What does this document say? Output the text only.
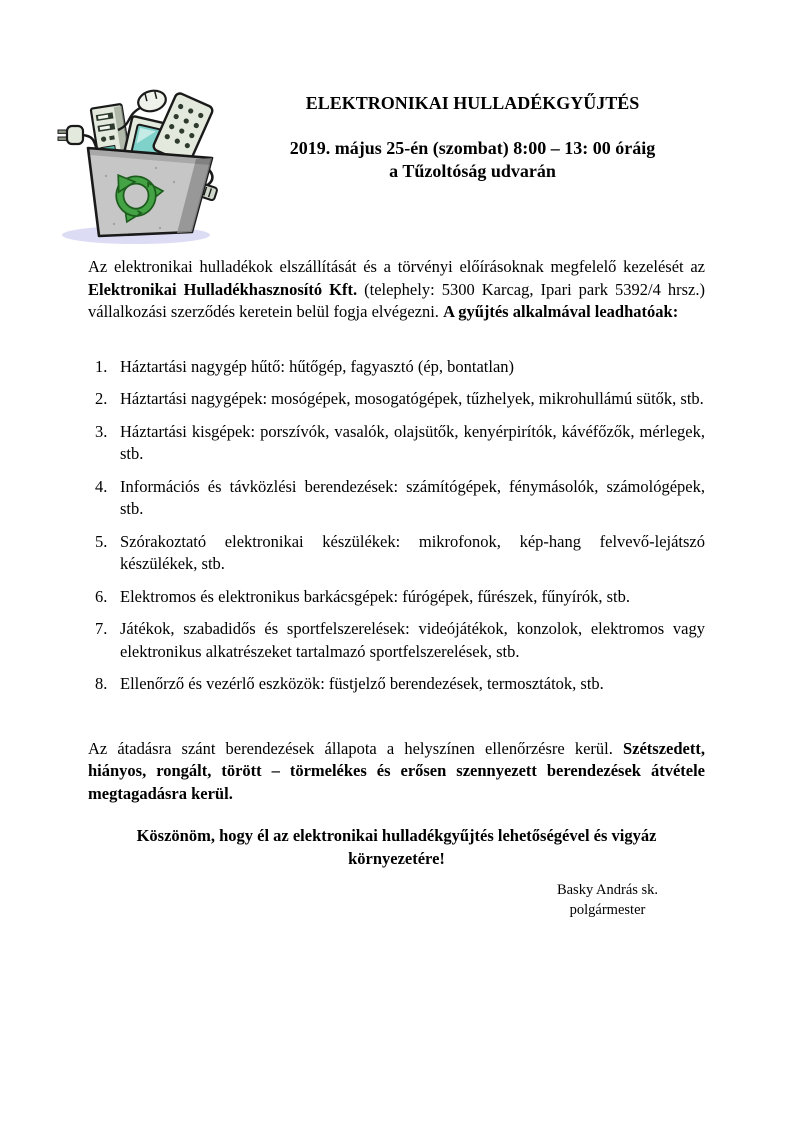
ELEKTRONIKAI HULLADÉKGYŰJTÉS
2019. május 25-én (szombat) 8:00 – 13: 00 óráig
a Tűzoltóság udvarán

Az elektronikai hulladékok elszállítását és a törvényi előírásoknak megfelelő kezelését az Elektronikai Hulladékhasznosító Kft. (telephely: 5300 Karcag, Ipari park 5392/4 hrsz.) vállalkozási szerződés keretein belül fogja elvégezni. A gyűjtés alkalmával leadhatóak:

1. Háztartási nagygép hűtő: hűtőgép, fagyasztó (ép, bontatlan)
2. Háztartási nagygépek: mosógépek, mosogatógépek, tűzhelyek, mikrohullámú sütők, stb.
3. Háztartási kisgépek: porszívók, vasalók, olajsütők, kenyérpirítók, kávéfőzők, mérlegek, stb.
4. Információs és távközlési berendezések: számítógépek, fénymásolók, számológépek, stb.
5. Szórakoztató elektronikai készülékek: mikrofonok, kép-hang felvevő-lejátszó készülékek, stb.
6. Elektromos és elektronikus barkácsgépek: fúrógépek, fűrészek, fűnyírók, stb.
7. Játékok, szabadidős és sportfelszerelések: videójátékok, konzolok, elektromos vagy elektronikus alkatrészeket tartalmazó sportfelszerelések, stb.
8. Ellenőrző és vezérlő eszközök: füstjelző berendezések, termosztátok, stb.

Az átadásra szánt berendezések állapota a helyszínen ellenőrzésre kerül. Szétszedett, hiányos, rongált, törött – törmelékes és erősen szennyezett berendezések átvétele megtagadásra kerül.

Köszönöm, hogy él az elektronikai hulladékgyűjtés lehetőségével és vigyáz környezetére!

Basky András sk.
polgármester
